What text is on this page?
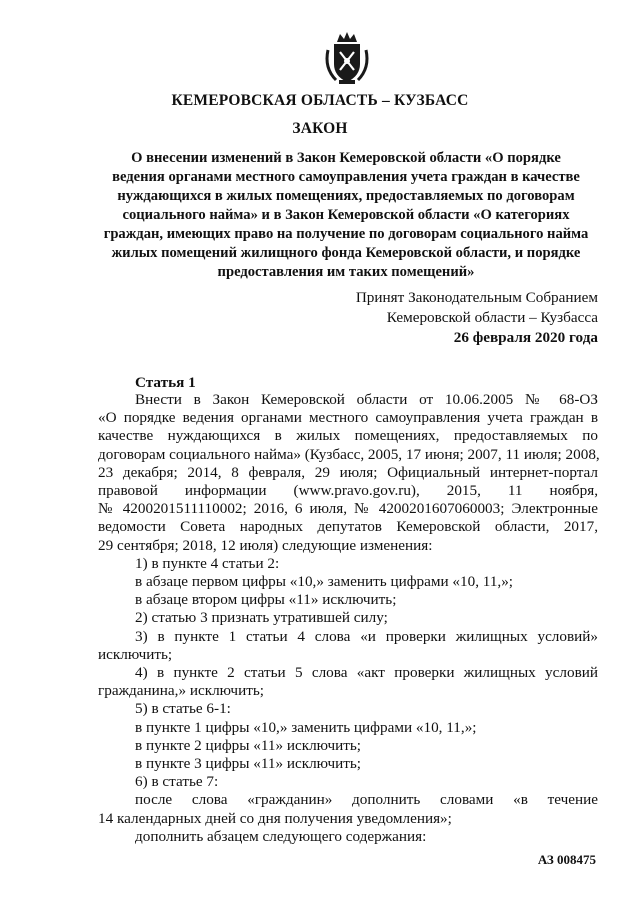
КЕМЕРОВСКАЯ ОБЛАСТЬ – КУЗБАСС
ЗАКОН
О внесении изменений в Закон Кемеровской области «О порядке
ведения органами местного самоуправления учета граждан в качестве
нуждающихся в жилых помещениях, предоставляемых по договорам
социального найма» и в Закон Кемеровской области «О категориях
граждан, имеющих право на получение по договорам социального найма
жилых помещений жилищного фонда Кемеровской области, и порядке
предоставления им таких помещений»
Принят Законодательным Собранием
Кемеровской области – Кузбасса
26 февраля 2020 года
Статья 1

Внести в Закон Кемеровской области от 10.06.2005 № 68-ОЗ

«О порядке ведения органами местного самоуправления учета граждан в

качестве нуждающихся в жилых помещениях, предоставляемых по

договорам социального найма» (Кузбасс, 2005, 17 июня; 2007, 11 июля; 2008,

23 декабря; 2014, 8 февраля, 29 июля; Официальный интернет-портал

правовой информации (www.pravo.gov.ru), 2015, 11 ноября,

№ 4200201511110002; 2016, 6 июля, № 4200201607060003; Электронные

ведомости Совета народных депутатов Кемеровской области, 2017,

29 сентября; 2018, 12 июля) следующие изменения:

1) в пункте 4 статьи 2:

в абзаце первом цифры «10,» заменить цифрами «10, 11,»;

в абзаце втором цифры «11» исключить;

2) статью 3 признать утратившей силу;

3) в пункте 1 статьи 4 слова «и проверки жилищных условий»

исключить;

4) в пункте 2 статьи 5 слова «акт проверки жилищных условий

гражданина,» исключить;

5) в статье 6-1:

в пункте 1 цифры «10,» заменить цифрами «10, 11,»;

в пункте 2 цифры «11» исключить;

в пункте 3 цифры «11» исключить;

6) в статье 7:

после слова «гражданин» дополнить словами «в течение

14 календарных дней со дня получения уведомления»;

дополнить абзацем следующего содержания:

АЗ 008475
